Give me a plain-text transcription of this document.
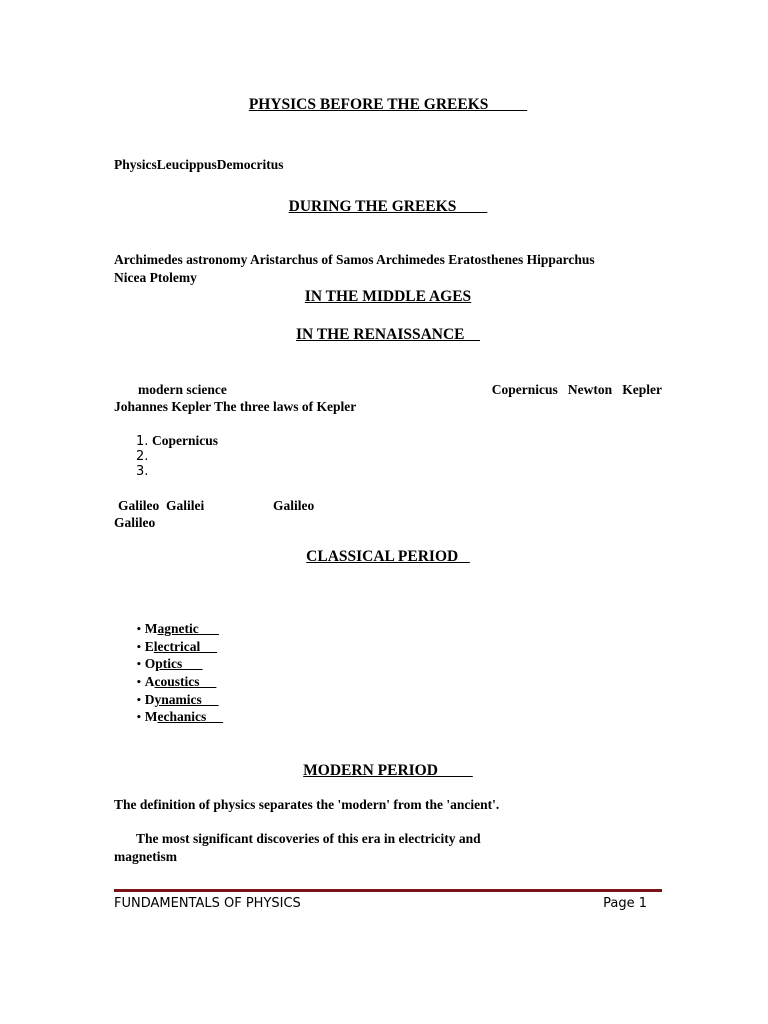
PHYSICS BEFORE THE GREEKS
PhysicsLeucippusDemocritus
DURING THE GREEKS
Archimedes astronomy Aristarchus of Samos Archimedes Eratosthenes Hipparchus
Nicea Ptolemy
IN THE MIDDLE AGES
IN THE RENAISSANCE
modern science	Copernicus   Newton   Kepler
Johannes Kepler The three laws of Kepler
1. Copernicus
2.
3.
Galileo  Galilei	Galileo
Galileo
CLASSICAL PERIOD
• Magnetic
• Electrical
• Optics
• Acoustics
• Dynamics
• Mechanics
MODERN PERIOD
The definition of physics separates the 'modern' from the 'ancient'.
The most significant discoveries of this era in electricity and
magnetism
FUNDAMENTALS OF PHYSICS	Page 1
